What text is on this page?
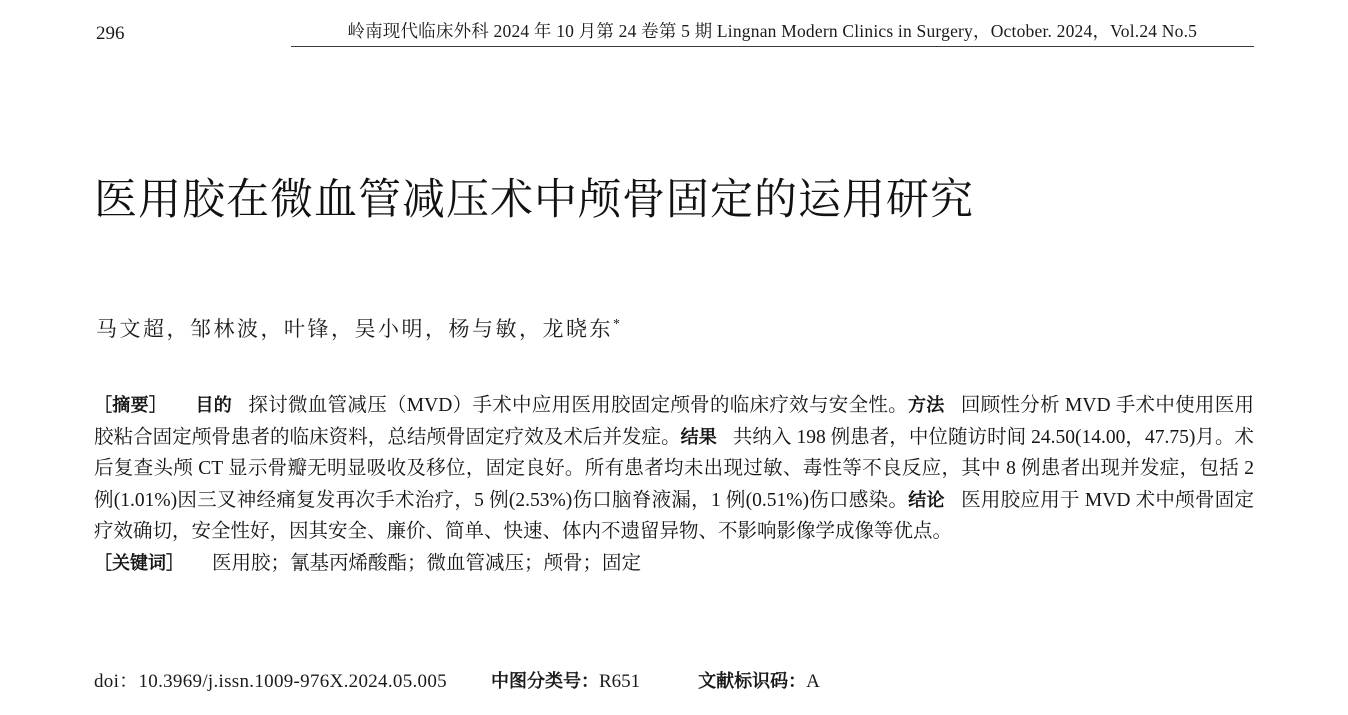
296	岭南现代临床外科 2024 年 10 月第 24 卷第 5 期 Lingnan Modern Clinics in Surgery，October. 2024，Vol.24 No.5
医用胶在微血管减压术中颅骨固定的运用研究
马文超，邹林波，叶锋，吴小明，杨与敏，龙晓东*

［摘要］ 目的 探讨微血管减压（MVD）手术中应用医用胶固定颅骨的临床疗效与安全性。方法 回顾性分析 MVD 手术中使用医用胶粘合固定颅骨患者的临床资料，总结颅骨固定疗效及术后并发症。结果 共纳入 198 例患者，中位随访时间 24.50(14.00，47.75)月。术后复查头颅 CT 显示骨瓣无明显吸收及移位，固定良好。所有患者均未出现过敏、毒性等不良反应，其中 8 例患者出现并发症，包括 2 例(1.01%)因三叉神经痛复发再次手术治疗，5 例(2.53%)伤口脑脊液漏，1 例(0.51%)伤口感染。结论 医用胶应用于 MVD 术中颅骨固定疗效确切，安全性好，因其安全、廉价、简单、快速、体内不遗留异物、不影响影像学成像等优点。

［关键词］ 医用胶；氰基丙烯酸酯；微血管减压；颅骨；固定

doi：10.3969/j.issn.1009-976X.2024.05.005 中图分类号：R651	文献标识码：A
